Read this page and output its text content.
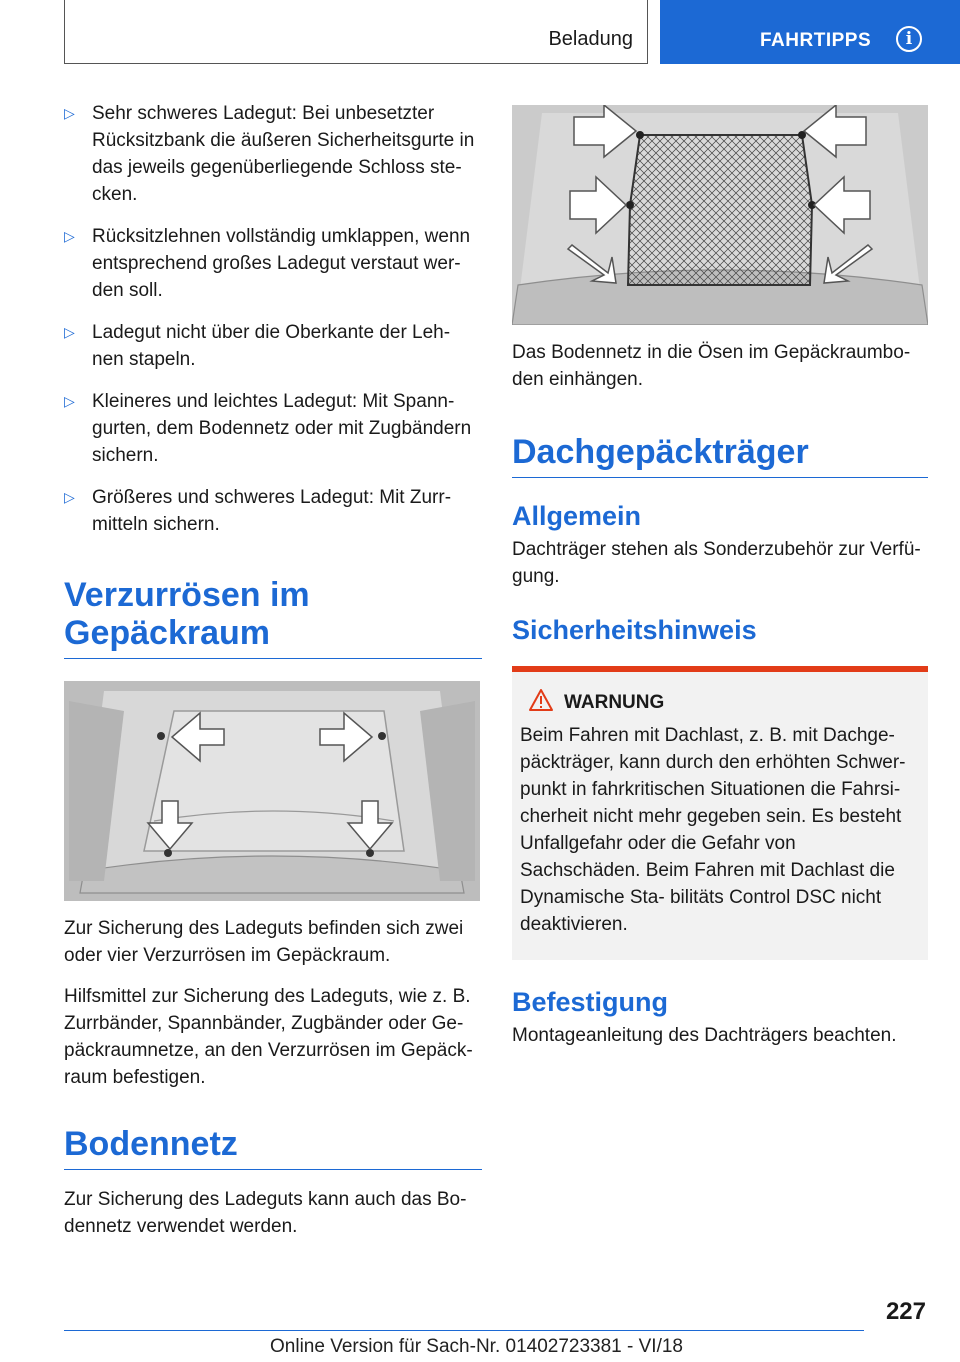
Beladung	FAHRTIPPS	i
▷ Sehr schweres Ladegut: Bei unbesetzter Rücksitzbank die äußeren Sicherheitsgurte in das jeweils gegenüberliegende Schloss ste‐ cken.
▷ Rücksitzlehnen vollständig umklappen, wenn entsprechend großes Ladegut verstaut wer‐ den soll.
▷ Ladegut nicht über die Oberkante der Leh‐ nen stapeln.
▷ Kleineres und leichtes Ladegut: Mit Spann‐ gurten, dem Bodennetz oder mit Zugbändern sichern.
▷ Größeres und schweres Ladegut: Mit Zurr‐ mitteln sichern.
Verzurrösen im Gepäckraum

Zur Sicherung des Ladeguts befinden sich zwei oder vier Verzurrösen im Gepäckraum.

Hilfsmittel zur Sicherung des Ladeguts, wie z. B. Zurrbänder, Spannbänder, Zugbänder oder Ge‐ päckraumnetze, an den Verzurrösen im Gepäck‐ raum befestigen.

Bodennetz

Zur Sicherung des Ladeguts kann auch das Bo‐ dennetz verwendet werden.

Das Bodennetz in die Ösen im Gepäckraumbo‐ den einhängen.

Dachgepäckträger
Allgemein

Dachträger stehen als Sonderzubehör zur Verfü‐ gung.

Sicherheitshinweis
WARNUNG
Beim Fahren mit Dachlast, z. B. mit Dachge‐ päckträger, kann durch den erhöhten Schwer‐ punkt in fahrkritischen Situationen die Fahrsi‐ cherheit nicht mehr gegeben sein. Es besteht Unfallgefahr oder die Gefahr von Sachschäden. Beim Fahren mit Dachlast die Dynamische Sta‐ bilitäts Control DSC nicht deaktivieren.
Befestigung

Montageanleitung des Dachträgers beachten.

227
Online Version für Sach-Nr. 01402723381 - VI/18
